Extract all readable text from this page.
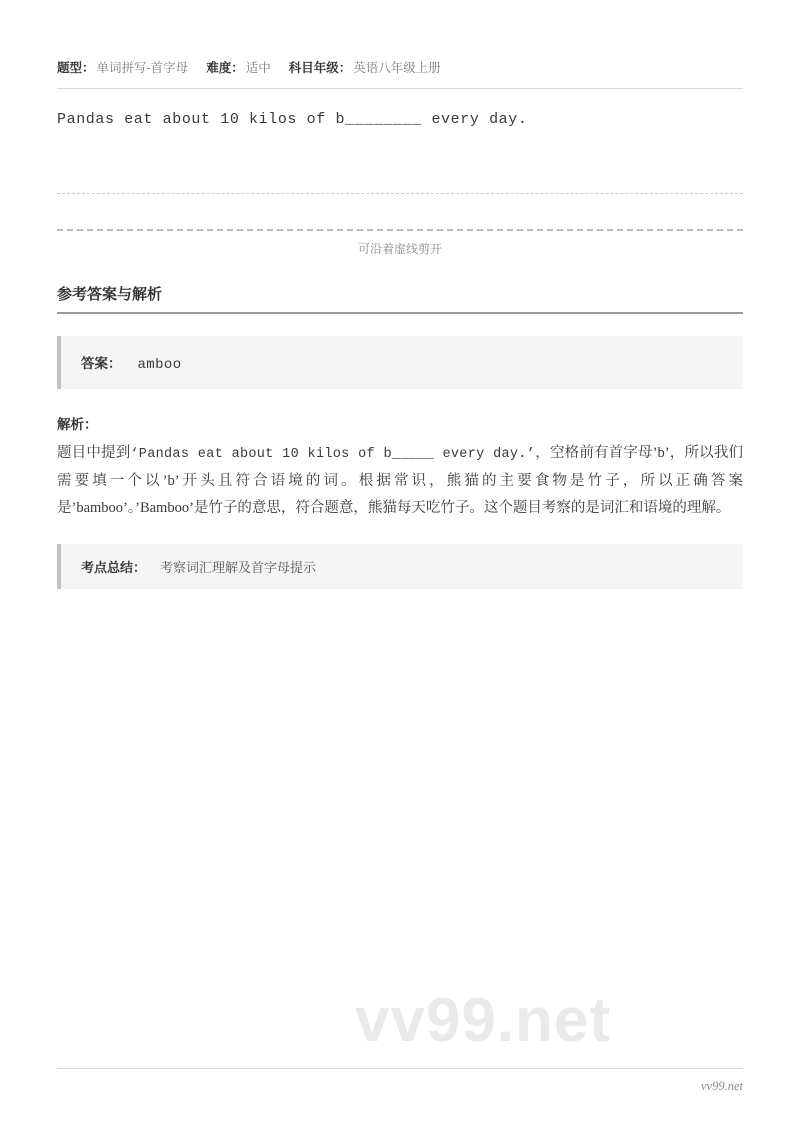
题型： 单词拼写-首字母 难度： 适中 科目年级： 英语八年级上册
Pandas eat about 10 kilos of b________ every day.
可沿着虚线剪开
参考答案与解析
答案： amboo
解析：
题目中提到‘Pandas eat about 10 kilos of b_____ every day.’，空格前有首字母’b’，所以我们需要填一个以’b’开头且符合语境的词。根据常识，熊猫的主要食物是竹子，所以正确答案是’bamboo’。’Bamboo’是竹子的意思，符合题意，熊猫每天吃竹子。这个题目考察的是词汇和语境的理解。
考点总结： 考察词汇理解及首字母提示
vv99.net
vv99.net
